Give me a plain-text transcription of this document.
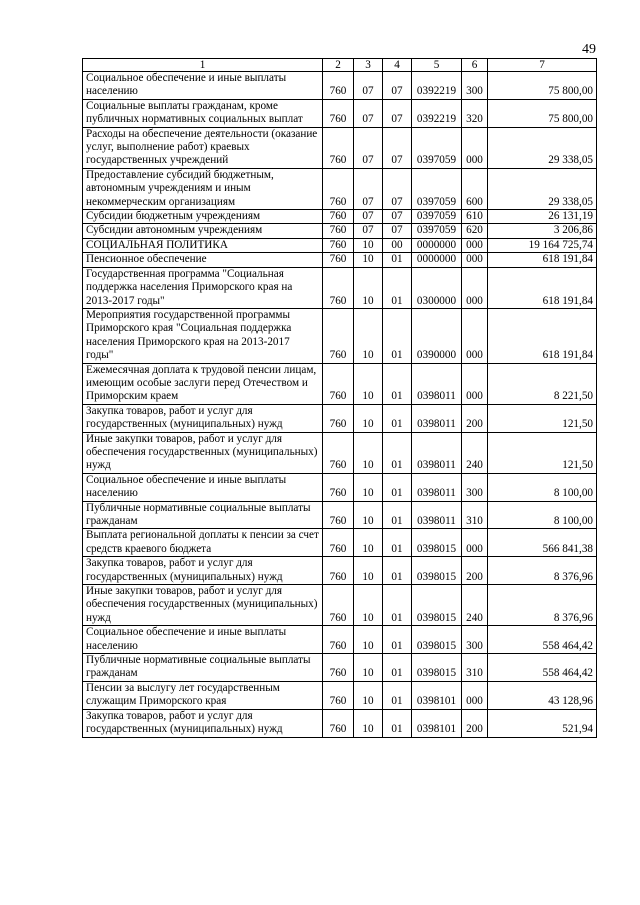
49
1	2	3	4	5	6	7
Социальное обеспечение и иные выплаты населению	760	07	07	0392219	300	75 800,00
Социальные выплаты гражданам, кроме публичных нормативных социальных выплат	760	07	07	0392219	320	75 800,00
Расходы на обеспечение деятельности (оказание услуг, выполнение работ) краевых государственных учреждений	760	07	07	0397059	000	29 338,05
Предоставление субсидий бюджетным, автономным учреждениям и иным некоммерческим организациям	760	07	07	0397059	600	29 338,05
Субсидии бюджетным учреждениям	760	07	07	0397059	610	26 131,19
Субсидии автономным учреждениям	760	07	07	0397059	620	3 206,86
СОЦИАЛЬНАЯ ПОЛИТИКА	760	10	00	0000000	000	19 164 725,74
Пенсионное обеспечение	760	10	01	0000000	000	618 191,84
Государственная программа "Социальная поддержка населения Приморского края на 2013-2017 годы"	760	10	01	0300000	000	618 191,84
Мероприятия государственной программы Приморского края "Социальная поддержка населения Приморского края на 2013-2017 годы"	760	10	01	0390000	000	618 191,84
Ежемесячная доплата к трудовой пенсии лицам, имеющим особые заслуги перед Отечеством и Приморским краем	760	10	01	0398011	000	8 221,50
Закупка товаров, работ и услуг для государственных (муниципальных) нужд	760	10	01	0398011	200	121,50
Иные закупки товаров, работ и услуг для обеспечения государственных (муниципальных) нужд	760	10	01	0398011	240	121,50
Социальное обеспечение и иные выплаты населению	760	10	01	0398011	300	8 100,00
Публичные нормативные социальные выплаты гражданам	760	10	01	0398011	310	8 100,00
Выплата региональной доплаты к пенсии за счет средств краевого бюджета	760	10	01	0398015	000	566 841,38
Закупка товаров, работ и услуг для государственных (муниципальных) нужд	760	10	01	0398015	200	8 376,96
Иные закупки товаров, работ и услуг для обеспечения государственных (муниципальных) нужд	760	10	01	0398015	240	8 376,96
Социальное обеспечение и иные выплаты населению	760	10	01	0398015	300	558 464,42
Публичные нормативные социальные выплаты гражданам	760	10	01	0398015	310	558 464,42
Пенсии за выслугу лет государственным служащим Приморского края	760	10	01	0398101	000	43 128,96
Закупка товаров, работ и услуг для государственных (муниципальных) нужд	760	10	01	0398101	200	521,94
